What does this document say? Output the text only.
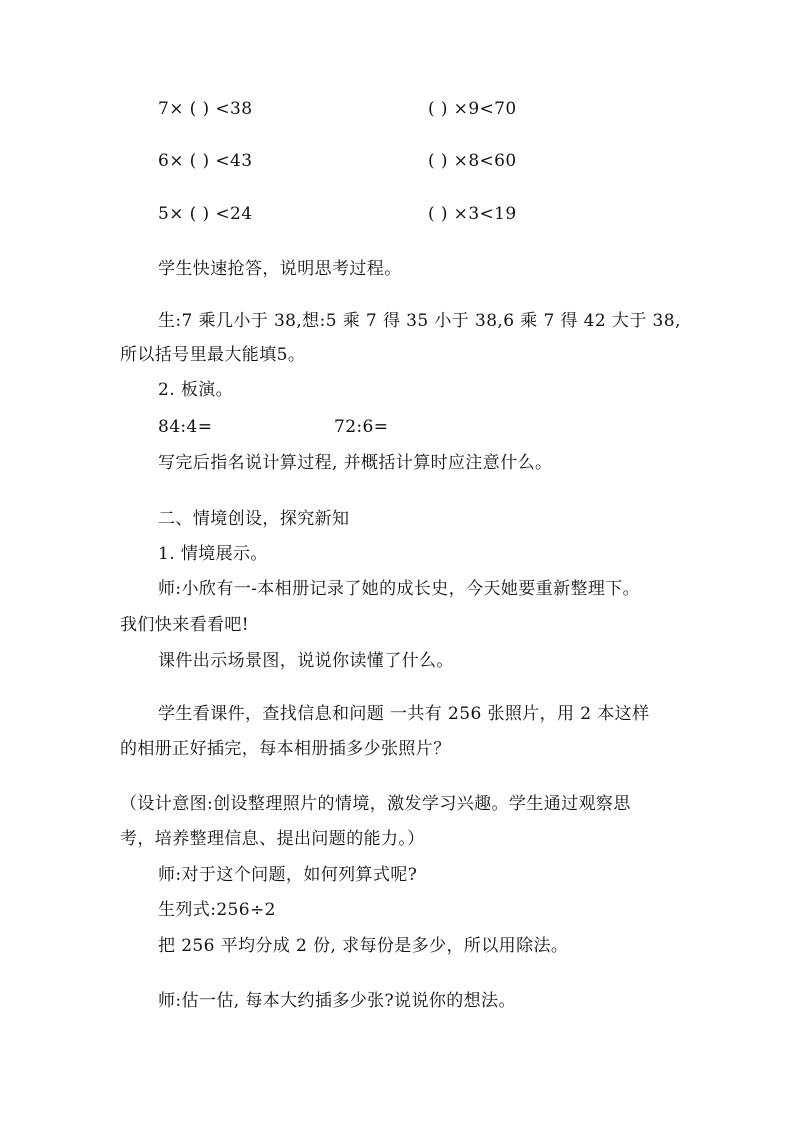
7× ( ) <38	( ) ×9<70
6× ( ) <43	( ) ×8<60
5× ( ) <24	( ) ×3<19
学生快速抢答，说明思考过程。
生:7 乘几小于 38,想:5 乘 7 得 35 小于 38,6 乘 7 得 42 大于 38,
所以括号里最大能填5。
2. 板演。
84:4=	72:6=
写完后指名说计算过程, 并概括计算时应注意什么。
二、情境创设，探究新知
1. 情境展示。
师:小欣有一-本相册记录了她的成长史，今天她要重新整理下。
我们快来看看吧!
课件出示场景图，说说你读懂了什么。
学生看课件，查找信息和问题 一共有 256 张照片，用 2 本这样
的相册正好插完，每本相册插多少张照片？
（设计意图:创设整理照片的情境，激发学习兴趣。学生通过观察思
考，培养整理信息、提出问题的能力。）
师:对于这个问题，如何列算式呢?
生列式:256÷2
把 256 平均分成 2 份, 求每份是多少，所以用除法。
师:估一估, 每本大约插多少张?说说你的想法。
